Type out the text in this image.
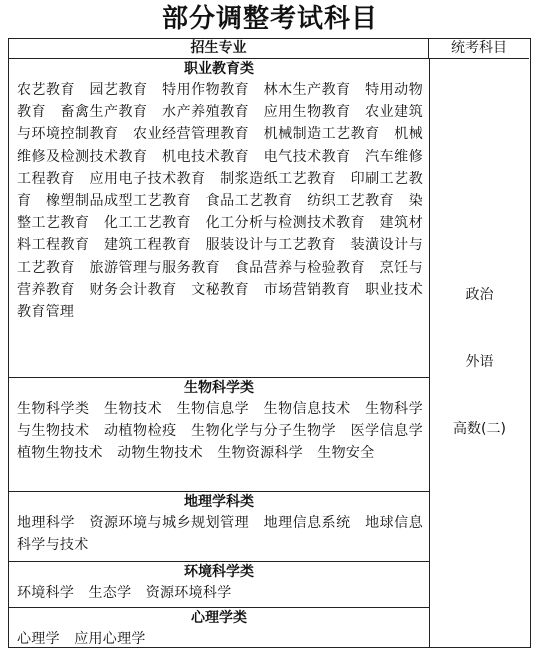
部分调整考试科目
招生专业	统考科目
职业教育类
农艺教育　园艺教育　特用作物教育　林木生产教育　特用动物教育　畜禽生产教育　水产养殖教育　应用生物教育　农业建筑与环境控制教育　农业经营管理教育　机械制造工艺教育　机械维修及检测技术教育　机电技术教育　电气技术教育　汽车维修工程教育　应用电子技术教育　制浆造纸工艺教育　印刷工艺教育　橡塑制品成型工艺教育　食品工艺教育　纺织工艺教育　染整工艺教育　化工工艺教育　化工分析与检测技术教育　建筑材料工程教育　建筑工程教育　服装设计与工艺教育　装潢设计与工艺教育　旅游管理与服务教育　食品营养与检验教育　烹饪与营养教育　财务会计教育　文秘教育　市场营销教育　职业技术教育管理
生物科学类
生物科学类　生物技术　生物信息学　生物信息技术　生物科学与生物技术　动植物检疫　生物化学与分子生物学　医学信息学　植物生物技术　动物生物技术　生物资源科学　生物安全
地理学科类
地理科学　资源环境与城乡规划管理　地理信息系统　地球信息科学与技术
环境科学类
环境科学　生态学　资源环境科学
心理学类
心理学　应用心理学
政治
外语
高数(二)
